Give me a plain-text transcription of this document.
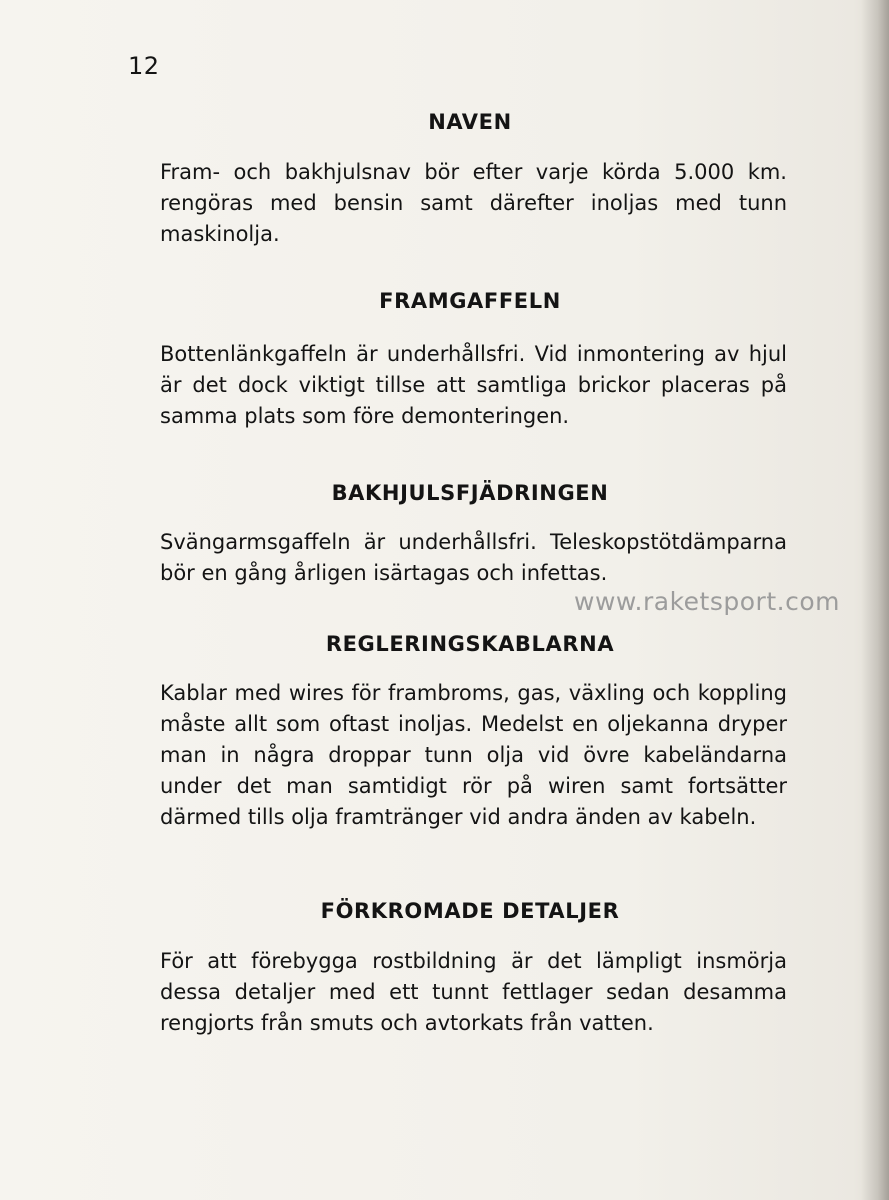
12
NAVEN

Fram- och bakhjulsnav bör efter varje körda 5.000 km. rengöras med bensin samt därefter inoljas med tunn maskinolja.

FRAMGAFFELN

Bottenlänkgaffeln är underhållsfri. Vid inmontering av hjul är det dock viktigt tillse att samtliga brickor placeras på samma plats som före demonteringen.

BAKHJULSFJÄDRINGEN

Svängarmsgaffeln är underhållsfri. Teleskopstötdämparna bör en gång årligen isärtagas och infettas.

REGLERINGSKABLARNA

Kablar med wires för frambroms, gas, växling och koppling måste allt som oftast inoljas. Medelst en oljekanna dryper man in några droppar tunn olja vid övre kabeländarna under det man samtidigt rör på wiren samt fortsätter därmed tills olja framtränger vid andra änden av kabeln.

FÖRKROMADE DETALJER

För att förebygga rostbildning är det lämpligt insmörja dessa detaljer med ett tunnt fettlager sedan desamma rengjorts från smuts och avtorkats från vatten.

www.raketsport.com
